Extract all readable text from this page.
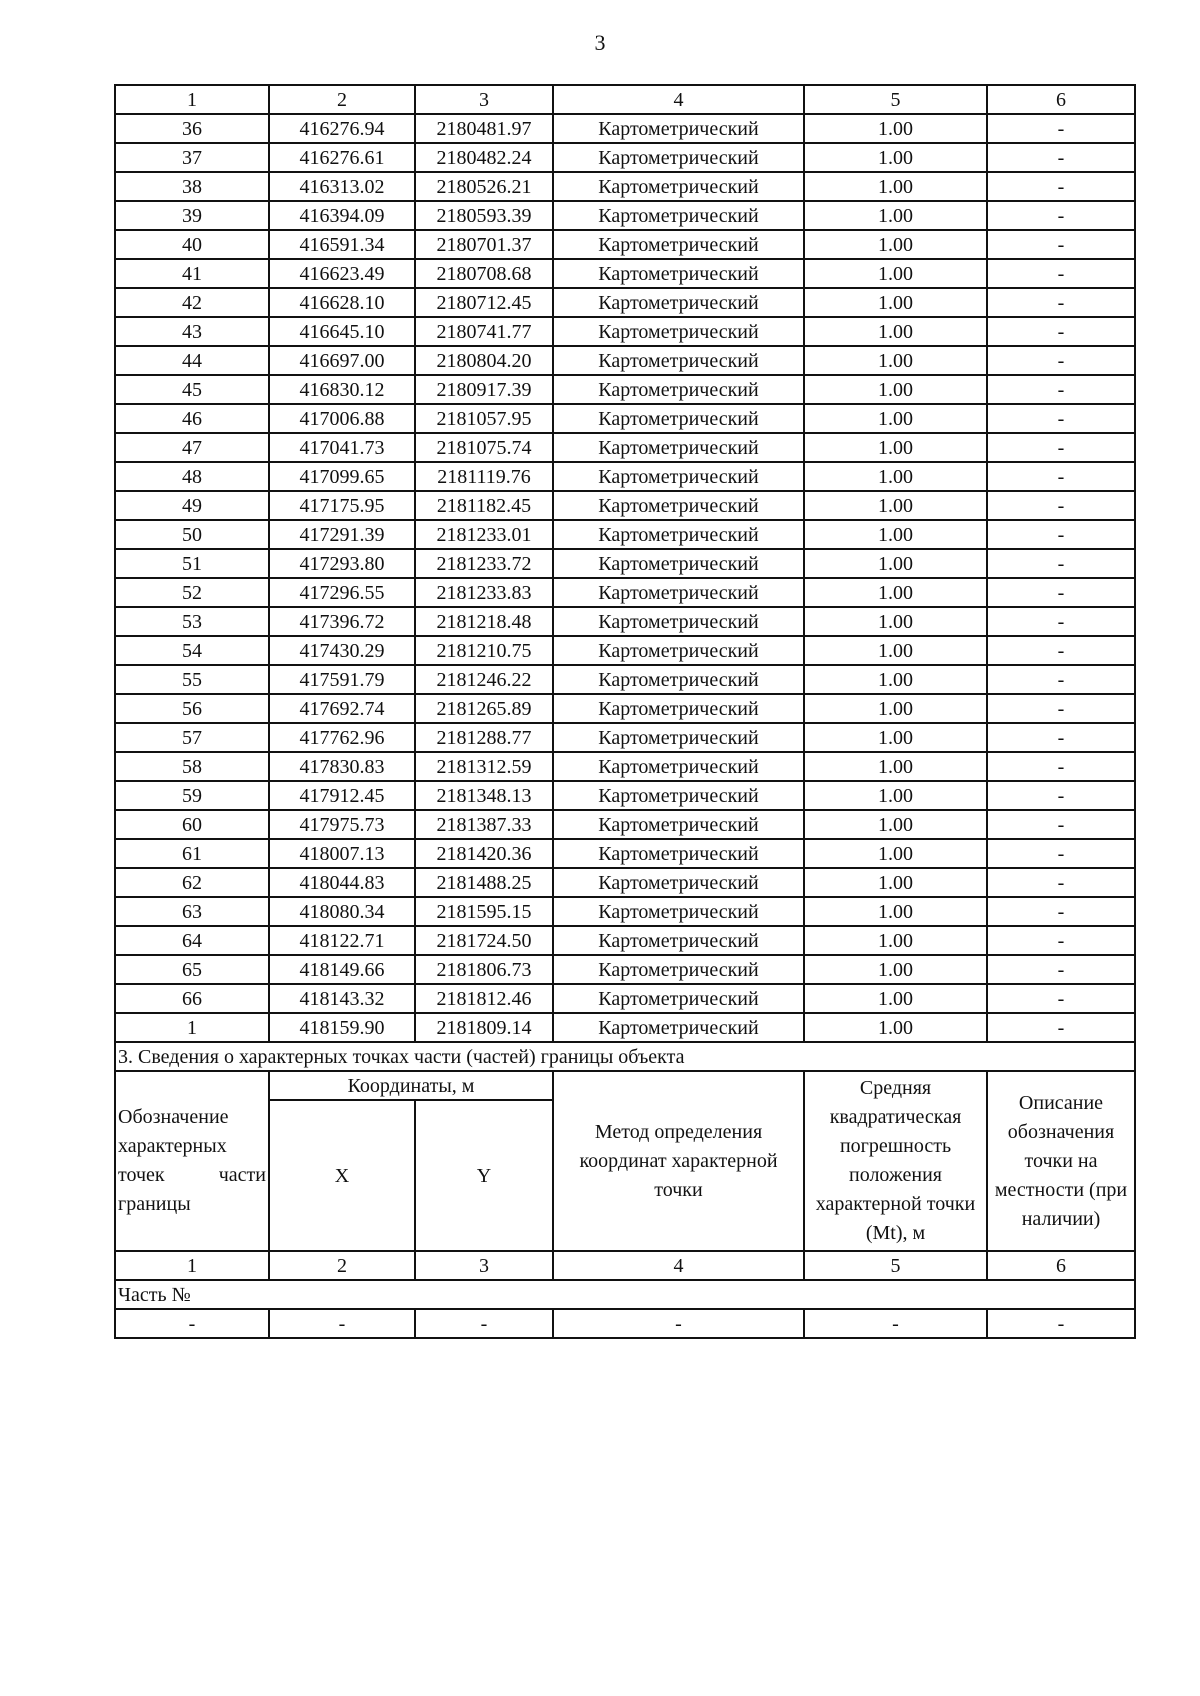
3
1	2	3	4	5	6
36	416276.94	2180481.97	Картометрический	1.00	-
37	416276.61	2180482.24	Картометрический	1.00	-
38	416313.02	2180526.21	Картометрический	1.00	-
39	416394.09	2180593.39	Картометрический	1.00	-
40	416591.34	2180701.37	Картометрический	1.00	-
41	416623.49	2180708.68	Картометрический	1.00	-
42	416628.10	2180712.45	Картометрический	1.00	-
43	416645.10	2180741.77	Картометрический	1.00	-
44	416697.00	2180804.20	Картометрический	1.00	-
45	416830.12	2180917.39	Картометрический	1.00	-
46	417006.88	2181057.95	Картометрический	1.00	-
47	417041.73	2181075.74	Картометрический	1.00	-
48	417099.65	2181119.76	Картометрический	1.00	-
49	417175.95	2181182.45	Картометрический	1.00	-
50	417291.39	2181233.01	Картометрический	1.00	-
51	417293.80	2181233.72	Картометрический	1.00	-
52	417296.55	2181233.83	Картометрический	1.00	-
53	417396.72	2181218.48	Картометрический	1.00	-
54	417430.29	2181210.75	Картометрический	1.00	-
55	417591.79	2181246.22	Картометрический	1.00	-
56	417692.74	2181265.89	Картометрический	1.00	-
57	417762.96	2181288.77	Картометрический	1.00	-
58	417830.83	2181312.59	Картометрический	1.00	-
59	417912.45	2181348.13	Картометрический	1.00	-
60	417975.73	2181387.33	Картометрический	1.00	-
61	418007.13	2181420.36	Картометрический	1.00	-
62	418044.83	2181488.25	Картометрический	1.00	-
63	418080.34	2181595.15	Картометрический	1.00	-
64	418122.71	2181724.50	Картометрический	1.00	-
65	418149.66	2181806.73	Картометрический	1.00	-
66	418143.32	2181812.46	Картометрический	1.00	-
1	418159.90	2181809.14	Картометрический	1.00	-
3. Сведения о характерных точках части (частей) границы объекта					
Обозначение характерных точек части границы	Координаты, м		Метод определения координат характерной точки	Средняя квадратическая погрешность положения характерной точки (Mt), м	Описание обозначения точки на местности (при наличии)
	X	Y			
1	2	3	4	5	6
Часть №					
-	-	-	-	-	-
